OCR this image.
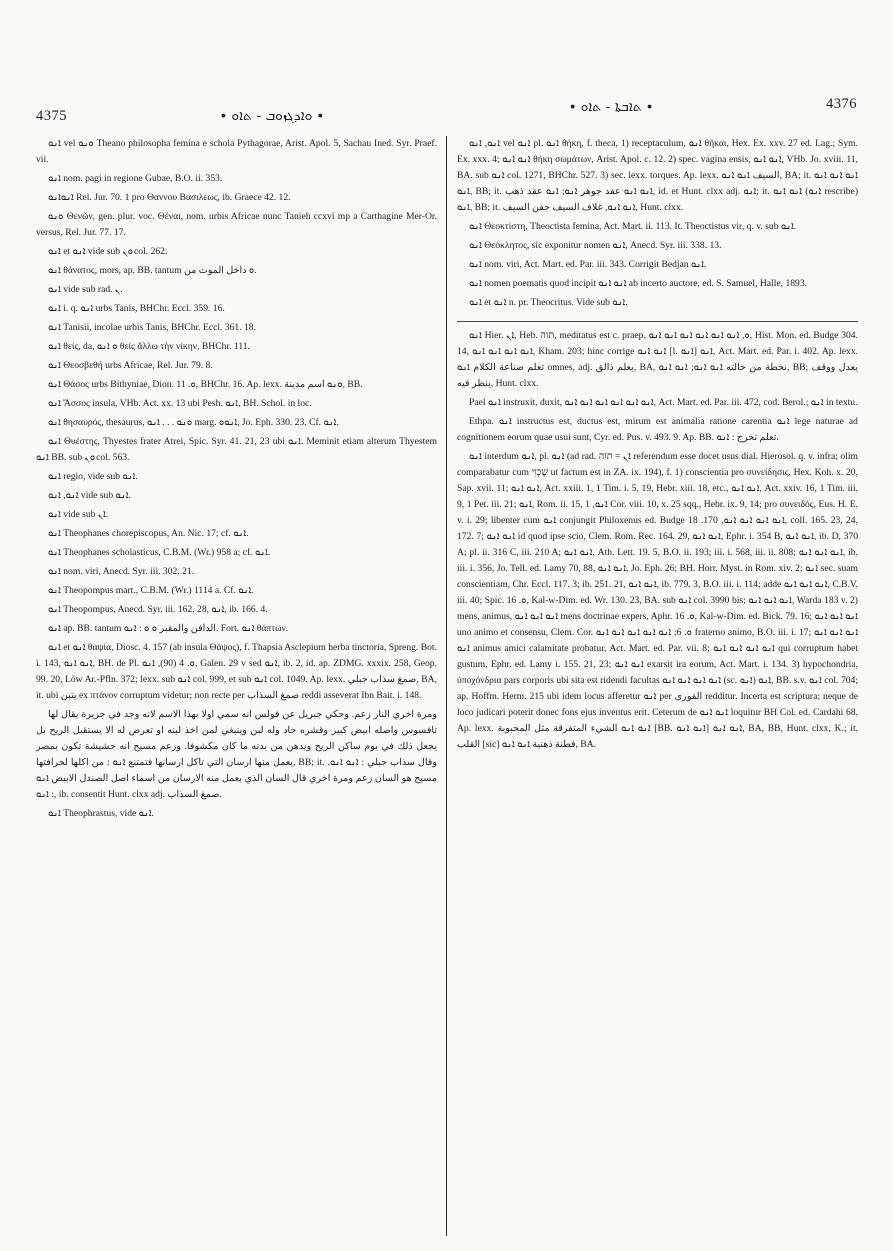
4375	∙ ܘܐܕܓܙܘܒ - ܬܐܘ ∙
∙ ܬܐܒܬܐ - ܬܐܘ ∙	4376

ܐܢܘ vel ܘܢܘ Theano philosopha femina e schola Pythagorae, Arist. Apol. 5, Sachau Ined. Syr. Praef. vii.

ܐܢܘ nom. pagi in regione Gubae, B.O. ii. 353.

ܐܢܘܐܢܘ Rel. Jur. 70. 1 pro Θαννου Βασιλεως, ib. Graece 42. 12.

ܘܢܘ Θενῶν, gen. plur. voc. Θέναι, nom. urbis Africae nunc Tanieh ccxvi mp a Carthagine Mer-Or. versus, Rel. Jur. 77. 17.

ܐܢܘ et ܐܢܘ vide sub ܘܢ col. 262.

ܐܢܘ θάνατος, mors, ap. BB. tantum ܘ داخل الموت من.

ܐܢܘ vide sub rad. ܢ.

ܐܢܘ i. q. ܐܢܘ urbs Tanis, BHChr. Eccl. 359. 16.

ܐܢܘ Tanisii, incolae urbis Tanis, BHChr. Eccl. 361. 18.

ܐܢܘ θείς, da, ܘ ܐܢܘ θείς ἄλλω τὴν νίκην, BHChr. 111.

ܐܢܘ Θεοσβεθή urbs Africae, Rel. Jur. 79. 8.

ܐܢܘ Θάσος urbs Bithyniae, Dion. ܘ. 11, BHChr. 16. Ap. lexx. ܘܢܘ اسم مدينة, BB.

ܐܢܘ Ἄσσος insula, VHb. Act. xx. 13 ubi Pesh. ܐܢܘ, BH. Schol. in loc.

ܐܢܘ θησαυρός, thesaurus, ܘܢܘ . . . ܐܢܘ marg. ܐܢܘܘ, Jo. Eph. 330. 23. Cf. ܐܢܘ.

ܐܢܘ Θυέστης, Thyestes frater Atrei, Spic. Syr. 41. 21, 23 ubi ܐܢܘ. Meminit etiam alterum Thyestem ܐܢܘ BB. sub ܘܢ col. 563.

ܐܢܘ regio, vide sub ܐܢܘ.

ܐܢܘ, ܐܢܘ vide sub ܐܢܘ.

ܐܢܘ vide sub ܐܢ.

ܐܢܘ Theophanes chorepiscopus, An. Nic. 17; cf. ܐܢܘ.

ܐܢܘ Theophanes scholasticus, C.B.M. (Wr.) 958 a; cf. ܐܢܘ.

ܐܢܘ nom. viri, Anecd. Syr. iii. 302. 21.

ܐܢܘ Theopompus mart., C.B.M. (Wr.) 1114 a. Cf. ܐܢܘ.

ܐܢܘ Theopompus, Anecd. Syr. iii. 162. 28, ܐܢܘ, ib. 166. 4.

ܐܢܘ ap. BB. tantum الدافن والمقبر ܘ ܘ : ܐܢܘ. Fort. ܐܢܘ θάπτων.

ܐܢܘ et ܐܢܘ θαψία, Diosc. 4. 157 (ab insula Θάψος), f. Thapsia Asclepium herba tinctoria, Spreng. Bot. i. 143, ܐܢܘ ܐܢܘ, BH. de Pl. ܘ. 4 (90), ܐܢܘ, Galen. 29 v sed ܐܢܘ, ib. 2, id. ap. ZDMG. xxxix. 258, Geop. 99. 20, Löw Ar.-Pfln. 372; lexx. sub ܐܢܘ col. 999, et sub ܐܢܘ col. 1049. Ap. lexx. صمغ سذاب جبلي, BA, it. ubi يتبن ex πτάνον corruptum videtur; non recte per صمغ السذاب reddi asseverat Ibn Bait. i. 148.

ومرة اخري النار زعم. وحكي جبريل عن فولس انه سمي اولا بهذا الاسم لانه وجد في جزيرة يقال لها تافسوس واصله ابيض كبير وقشره حاد وله لبن وينبغي لمن اخذ لبنه او تعرض له الا يستقبل الريح بل يجعل ذلك في يوم ساكن الريح ويدهن من بدنه ما كان مكشوفا. وزعم مسيح انه حشيشة تكون بمصر يعمل منها ارسان التي تاكل ارسانها فتمتنع ܐܢܘ : من اكلها لحرافتها, BB; it. وقال سذاب جبلي : ܐܢܘ ܐܢܘ. مسيح هو السان زعم ومرة اخري قال السان الذي يعمل منه الارسان من اسماء اصل الصندل الابيض ܐܢܘ : ܐܢܘ, ib. consentit Hunt. clxx adj. صمغ السذاب.

ܐܢܘ Theophrastus, vide ܐܢܘ.

ܐܢܘ, ܐܢܘ vel ܐܢܘ pl. ܐܢܘ θήκη, f. theca, 1) receptaculum, ܐܢܘ θῆκαι, Hex. Ex. xxv. 27 ed. Lag.; Sym. Ex. xxx. 4; ܐܢܘ ܐܢܘ θήκη σωμάτων, Arist. Apol. c. 12. 2) spec. vagina ensis, ܐܢܘ ܐܢܘ, VHb. Jo. xviii. 11, BA. sub ܐܢܘ col. 1271, BHChr. 527. 3) sec. lexx. torques. Ap. lexx. السيف ܐܢܘ ܐܢܘ, BA; it. ܐܢܘ ܐܢܘ ܐܢܘ ܐܢܘ, BB; it. ܐܢܘ ܐܢܘ عقد جوهر ܐܢܘ; ܐܢܘ عقد ذهب, id. et Hunt. clxx adj. ܐܢܘ; it. ܐܢܘ ܐܢܘ (ܐܢܘ rescribe) ܐܢܘ, BB; it. ܐܢܘ ܐܢܘ, غلاف السيف جفن السيف, Hunt. clxx.

ܐܢܘ Θεοκτίστη, Theoctista femina, Act. Mart. ii. 113. It. Theoctistus vir, q. v. sub ܐܢܘ.

ܐܢܘ Θεόκλητος, sic exponitur nomen ܐܢܘ, Anecd. Syr. iii. 338. 13.

ܐܢܘ nom. viri, Act. Mart. ed. Par. iii. 343. Corrigit Bedjan ܐܢܘ.

ܐܢܘ nomen poematis quod incipit ܐܢܘ ܐܢܘ ab incerto auctore, ed. S. Samuel, Halle, 1893.

ܐܢܘ et ܐܢܘ n. pr. Theocritus. Vide sub ܐܢܘ.

ܐܢܘ Hier. ܐܢ, Heb. תוה, meditatus est c. praep. ܘ, ܐܢܘ ܐܢܘ ܐܢܘ ܐܢܘ ܐܢܘ ܐܢܘ, Hist. Mon. ed. Budge 304. 14, ܐܢܘ ܐܢܘ ܐܢܘ ܐܢܘ, Kham. 203; hinc corrige ܐܢܘ ܐܢܘ [l. ܐܢܘ] ܐܢܘ, Act. Mart. ed. Par. i. 402. Ap. lexx. تعلم صناعة الكلام ܐܢܘ omnes, adj. يعلم ذالق, BA, نخطة من خالته ܐܢܘ ܐܢܘ; ܐܢܘ ܐܢܘ, BB; يعدل ووقف ينظر فيه, Hunt. clxx.

Pael ܐܢܘ instruxit, duxit, ܐܢܘ ܐܢܘ ܐܢܘ ܐܢܘ ܐܢܘ ܐܢܘ, Act. Mart. ed. Par. iii. 472, cod. Berol.; ܐܢܘ in textu.

Ethpa. ܐܢܘ instructus est, ductus est, mirum est animalia ratione carentia ܐܢܘ lege naturae ad cognitionem eorum quae usui sunt, Cyr. ed. Pus. v. 493. 9. Ap. BB. تعلم تخرج : ܐܢܘ.

ܐܢܘ interdum ܐܢܘ, pl. ܐܢܘ (ad rad. ܐܢ = תוה referendum esse docet usus dial. Hierosol. q. v. infra; olim comparabatur cum שֶׁכְוִי ut factum est in ZA. ix. 194), f. 1) conscientia pro συνείδησις, Hex. Koh. x. 20, Sap. xvii. 11; ܐܢܘ ܐܢܘ, Act. xxiii. 1, 1 Tim. i. 5, 19, Hebr. xiii. 18, etc., ܐܢܘ ܐܢܘ, Act. xxiv. 16, 1 Tim. iii. 9, 1 Pet. iii. 21; ܐܢܘ, Rom. ii. 15, ܐܢܘ, 1 Cor. viii. 10, x. 25 sqq., Hebr. ix. 9, 14; pro συνειδός, Eus. H. E. v. i. 29; libenter cum ܐܢܘ conjungit Philoxenus ed. Budge ܐܢܘ ܐܢܘ ܐܢܘ ܐܢܘ, 170. 18, coll. 165. 23, 24, 172. 7; ܐܢܘ ܐܢܘ id quod ipse scio, Clem. Rom. Rec. 164. 29, ܐܢܘ ܐܢܘ, Ephr. i. 354 B, ܐܢܘ ܐܢܘ, ib. D, 370 A; pl. ii. 316 C, iii. 210 A; ܐܢܘ ܐܢܘ, Ath. Lett. 19. 5, B.O. ii. 193; iii. i. 568, iii. ii. 808; ܐܢܘ ܐܢܘ ܐܢܘ, ib. iii. i. 356, Jo. Tell. ed. Lamy 70, 88, ܐܢܘ ܐܢܘ, Jo. Eph. 26; BH. Horr. Myst. in Rom. xiv. 2; ܐܢܘ sec. suam conscientiam, Chr. Eccl. 117. 3; ib. 251. 21, ܐܢܘ ܐܢܘ, ib. 779. 3, B.O. iii. i. 114; adde ܐܢܘ ܐܢܘ ܐܢܘ, C.B.V. iii. 40; Spic. ܘ. 16, Kal-w-Dim. ed. Wr. 130. 23, BA. sub ܐܢܘ col. 3990 bis; ܐܢܘ ܐܢܘ ܐܢܘ, Warda 183 v. 2) mens, animus, ܐܢܘ ܐܢܘ ܐܢܘ mens doctrinae expers, Aphr. ܘ. 16, Kal-w-Dim. ed. Bick. 79. 16; ܐܢܘ ܐܢܘ ܐܢܘ uno animo et consensu, Clem. Cor. ܘ. 6; ܐܢܘ ܐܢܘ ܐܢܘ ܐܢܘ ܐܢܘ fraterno animo, B.O. iii. i. 17; ܐܢܘ ܐܢܘ ܐܢܘ ܐܢܘ animus amici calamitate probatur, Act. Mart. ed. Par. vii. 8; ܐܢܘ ܐܢܘ ܐܢܘ ܐܢܘ qui corruptum habet gustum, Ephr. ed. Lamy i. 155. 21, 23; ܐܢܘ ܐܢܘ exarsit ira eorum, Act. Mart. i. 134. 3) hypochondria, ὑποχόνδρια pars corporis ubi sita est ridendi facultas ܐܢܘ ܐܢܘ ܐܢܘ ܐܢܘ (sc. ܐܢܘ) ܐܢܘ, BB. s.v. ܐܢܘ col. 704; ap. Hoffm. Herm. 215 ubi idem locus afferetur ܐܢܘ per القورى redditur. Incerta est scriptura; neque de loco judicari poterit donec fons ejus inventus erit. Ceterum de ܐܢܘ ܐܢܘ loquitur BH Col. ed. Cardahi 68. Ap. lexx. ܐܢܘ ܐܢܘ الشيء المتفرقة مثل المحبوبة [BB. ܐܢܘ ܐܢܘ] ܐܢܘ ܐܢܘ, BA, BB, Hunt. clxx, K.; it. القلب [sic] فطنة ذهنية ܐܢܘ ܐܢܘ, BA.
